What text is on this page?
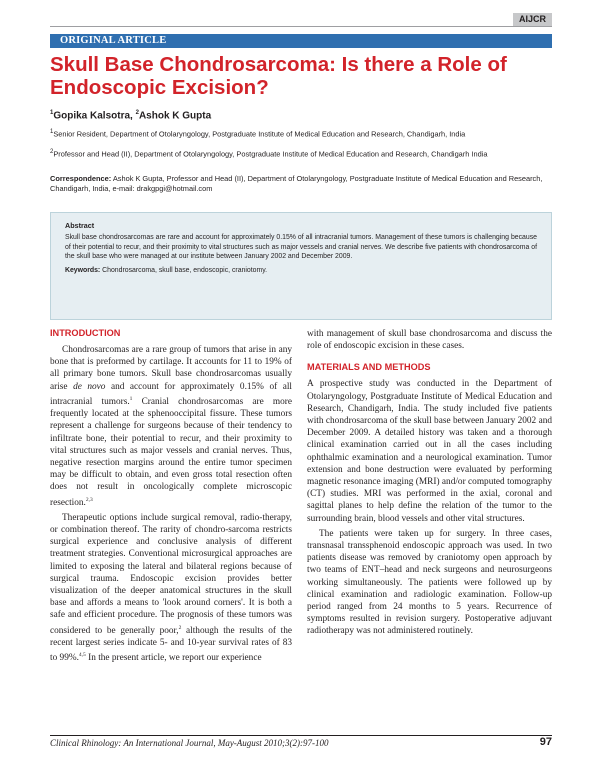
AIJCR
ORIGINAL ARTICLE
Skull Base Chondrosarcoma: Is there a Role of Endoscopic Excision?
$^1$Gopika Kalsotra, $^2$Ashok K Gupta
$^1$Senior Resident, Department of Otolaryngology, Postgraduate Institute of Medical Education and Research, Chandigarh, India
$^2$Professor and Head (II), Department of Otolaryngology, Postgraduate Institute of Medical Education and Research, Chandigarh India
Correspondence: Ashok K Gupta, Professor and Head (II), Department of Otolaryngology, Postgraduate Institute of Medical Education and Research, Chandigarh, India, e-mail: drakgpgi@hotmail.com

Abstract

Skull base chondrosarcomas are rare and account for approximately 0.15% of all intracranial tumors. Management of these tumors is challenging because of their potential to recur, and their proximity to vital structures such as major vessels and cranial nerves. We describe five patients with chondrosarcoma of the skull base who were managed at our institute between January 2002 and December 2009.

Keywords: Chondrosarcoma, skull base, endoscopic, craniotomy.

INTRODUCTION

Chondrosarcomas are a rare group of tumors that arise in any bone that is preformed by cartilage. It accounts for 11 to 19% of all primary bone tumors. Skull base chondrosarcomas usually arise de novo and account for approximately 0.15% of all intracranial tumors.$^1$ Cranial chondrosarcomas are more frequently located at the sphenooccipital fissure. These tumors represent a challenge for surgeons because of their tendency to infiltrate bone, their potential to recur, and their proximity to vital structures such as major vessels and cranial nerves. Thus, negative resection margins around the entire tumor specimen may be difficult to obtain, and even gross total resection often does not result in oncologically complete microscopic resection.$^{2,3}$

Therapeutic options include surgical removal, radio-therapy, or combination thereof. The rarity of chondro-sarcoma restricts surgical experience and conclusive analysis of different treatment strategies. Conventional microsurgical approaches are limited to exposing the lateral and bilateral regions because of surgical trauma. Endoscopic excision provides better visualization of the deeper anatomical structures in the skull base and affords a means to 'look around corners'. It is both a safe and efficient procedure. The prognosis of these tumors was considered to be generally poor,$^2$ although the results of the recent largest series indicate 5- and 10-year survival rates of 83 to 99%.$^{4,5}$ In the present article, we report our experience

with management of skull base chondrosarcoma and discuss the role of endoscopic excision in these cases.

MATERIALS AND METHODS

A prospective study was conducted in the Department of Otolaryngology, Postgraduate Institute of Medical Education and Research, Chandigarh, India. The study included five patients with chondrosarcoma of the skull base between January 2002 and December 2009. A detailed history was taken and a thorough clinical examination carried out in all the cases including ophthalmic examination and a neurological examination. Tumor extension and bone destruction were evaluated by performing magnetic resonance imaging (MRI) and/or computed tomography (CT) studies. MRI was performed in the axial, coronal and sagittal planes to help define the relation of the tumor to the surrounding brain, blood vessels and other vital structures.

The patients were taken up for surgery. In three cases, transnasal transsphenoid endoscopic approach was used. In two patients disease was removed by craniotomy open approach by two teams of ENT–head and neck surgeons and neurosurgeons working simultaneously. The patients were followed up by clinical examination and radiologic examination. Follow-up period ranged from 24 months to 5 years. Recurrence of symptoms resulted in revision surgery. Postoperative adjuvant radiotherapy was not administered routinely.

Clinical Rhinology: An International Journal, May-August 2010;3(2):97-100	97
